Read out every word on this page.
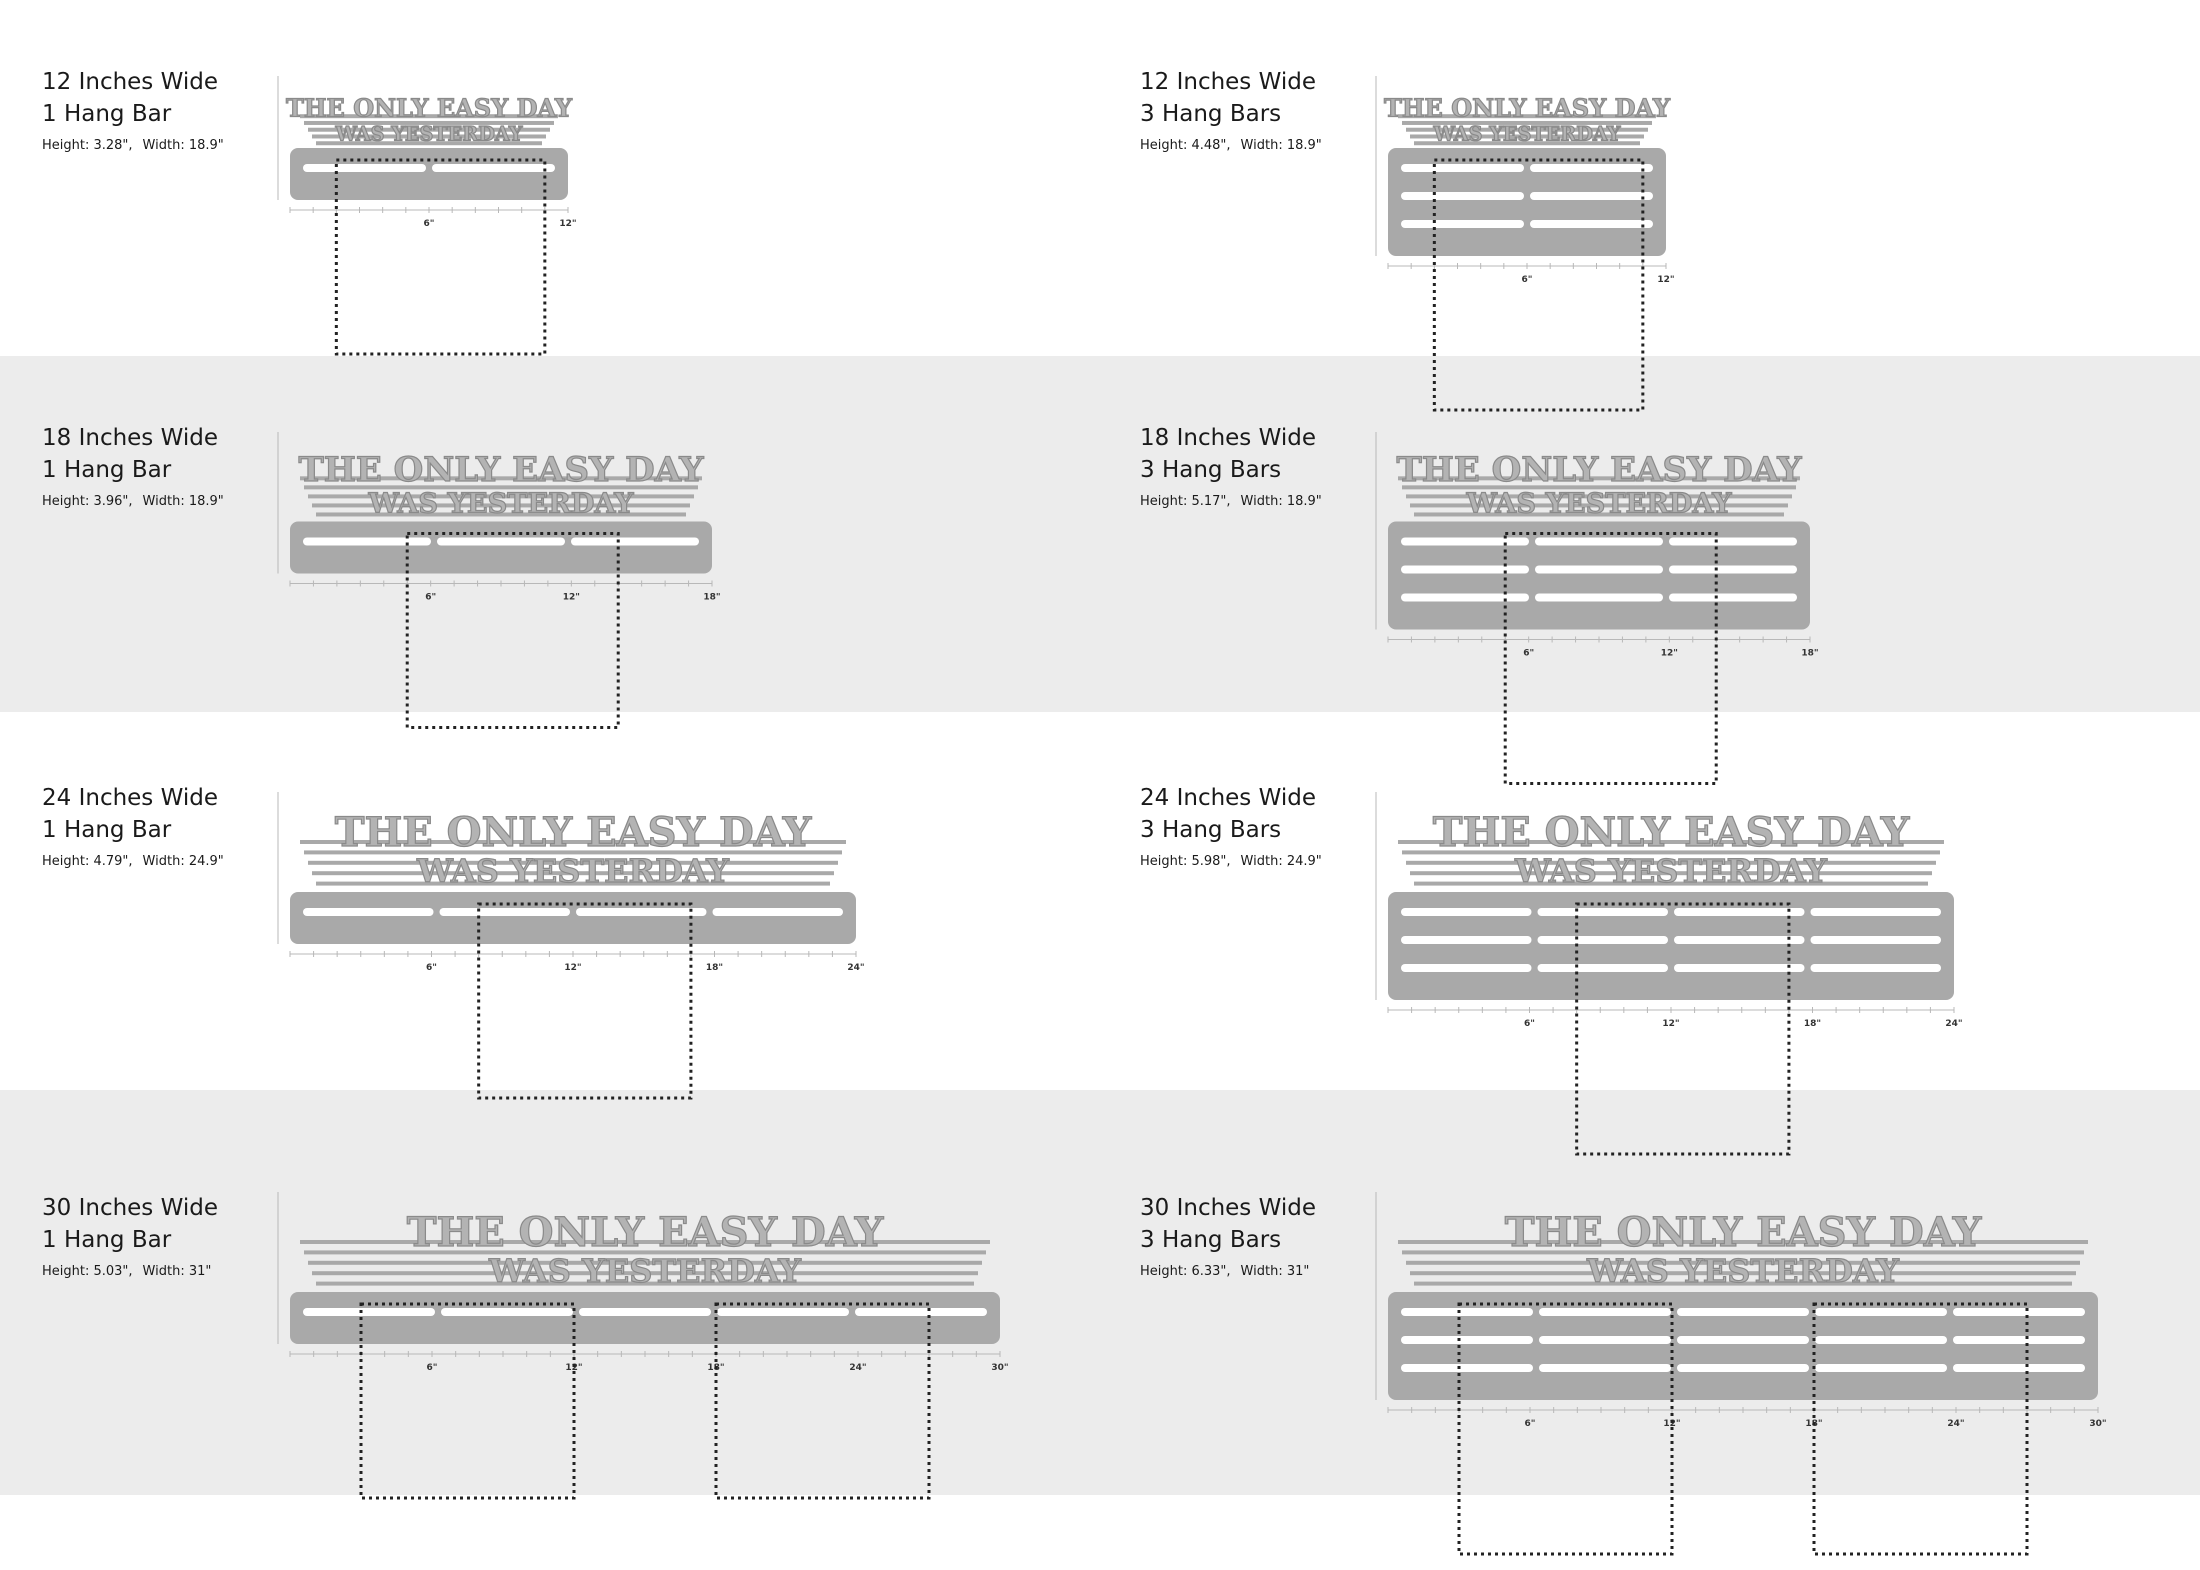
12 Inches Wide
1 Hang Bar
Height: 3.28", Width: 18.9"
THE ONLY EASY DAY
WAS YESTERDAY
6"	12"
12 Inches Wide
3 Hang Bars
Height: 4.48", Width: 18.9"
THE ONLY EASY DAY
WAS YESTERDAY
6"	12"
18 Inches Wide
1 Hang Bar
Height: 3.96", Width: 18.9"
THE ONLY EASY DAY
WAS YESTERDAY
6"	12"	18"
18 Inches Wide
3 Hang Bars
Height: 5.17", Width: 18.9"
THE ONLY EASY DAY
WAS YESTERDAY
6"	12"	18"
24 Inches Wide
1 Hang Bar
Height: 4.79", Width: 24.9"
THE ONLY EASY DAY
WAS YESTERDAY
6"	12"	18"	24"
24 Inches Wide
3 Hang Bars
Height: 5.98", Width: 24.9"
THE ONLY EASY DAY
WAS YESTERDAY
6"	12"	18"	24"
30 Inches Wide
1 Hang Bar
Height: 5.03", Width: 31"
THE ONLY EASY DAY
WAS YESTERDAY
6"	12"	18"	24"	30"
30 Inches Wide
3 Hang Bars
Height: 6.33", Width: 31"
THE ONLY EASY DAY
WAS YESTERDAY
6"	12"	18"	24"	30"
